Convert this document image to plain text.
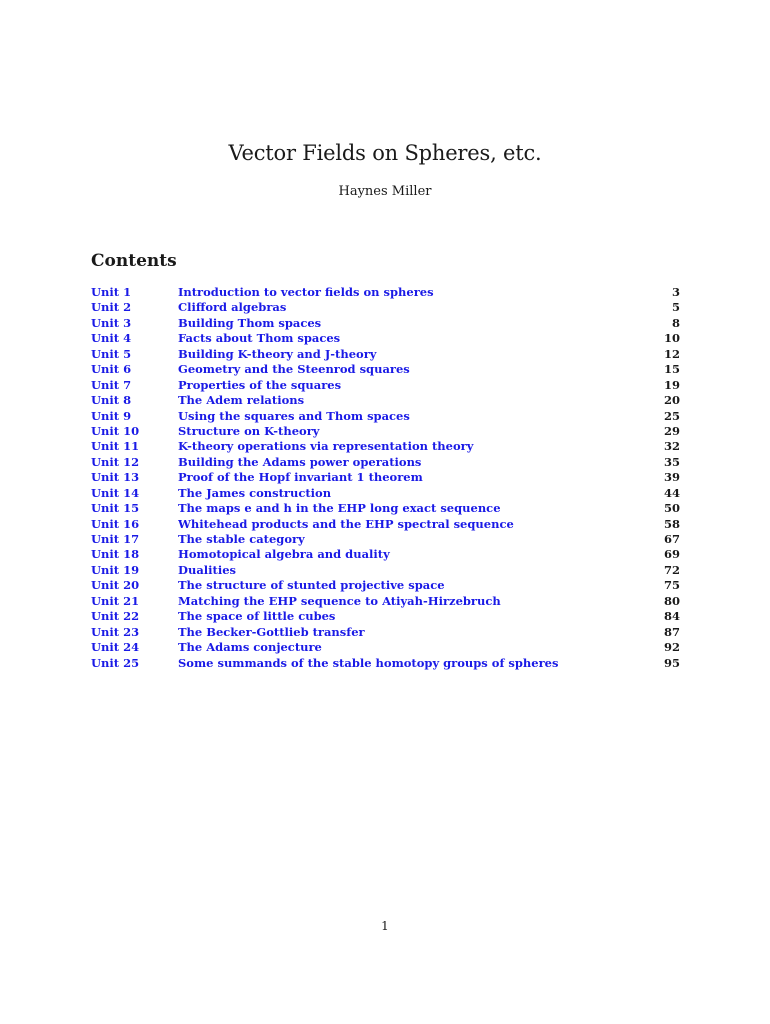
Vector Fields on Spheres, etc.

Haynes Miller

Contents
Unit 1	Introduction to vector fields on spheres	3
Unit 2	Clifford algebras	5
Unit 3	Building Thom spaces	8
Unit 4	Facts about Thom spaces	10
Unit 5	Building K-theory and J-theory	12
Unit 6	Geometry and the Steenrod squares	15
Unit 7	Properties of the squares	19
Unit 8	The Adem relations	20
Unit 9	Using the squares and Thom spaces	25
Unit 10	Structure on K-theory	29
Unit 11	K-theory operations via representation theory	32
Unit 12	Building the Adams power operations	35
Unit 13	Proof of the Hopf invariant 1 theorem	39
Unit 14	The James construction	44
Unit 15	The maps e and h in the EHP long exact sequence	50
Unit 16	Whitehead products and the EHP spectral sequence	58
Unit 17	The stable category	67
Unit 18	Homotopical algebra and duality	69
Unit 19	Dualities	72
Unit 20	The structure of stunted projective space	75
Unit 21	Matching the EHP sequence to Atiyah-Hirzebruch	80
Unit 22	The space of little cubes	84
Unit 23	The Becker-Gottlieb transfer	87
Unit 24	The Adams conjecture	92
Unit 25	Some summands of the stable homotopy groups of spheres	95

1
